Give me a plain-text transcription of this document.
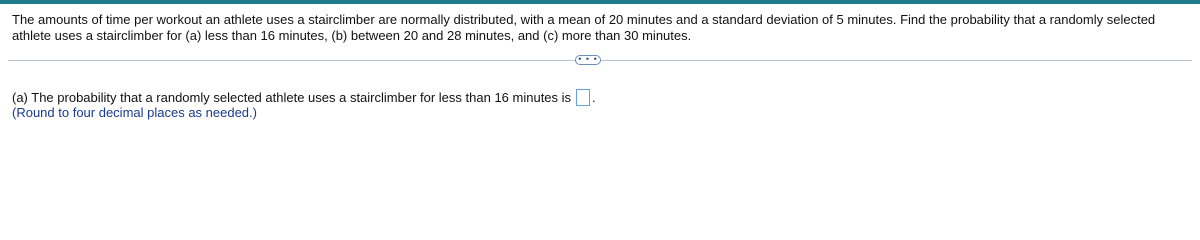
The amounts of time per workout an athlete uses a stairclimber are normally distributed, with a mean of 20 minutes and a standard deviation of 5 minutes. Find the probability that a randomly selected athlete uses a stairclimber for (a) less than 16 minutes, (b) between 20 and 28 minutes, and (c) more than 30 minutes.
• • •
(a) The probability that a randomly selected athlete uses a stairclimber for less than 16 minutes is .
(Round to four decimal places as needed.)
